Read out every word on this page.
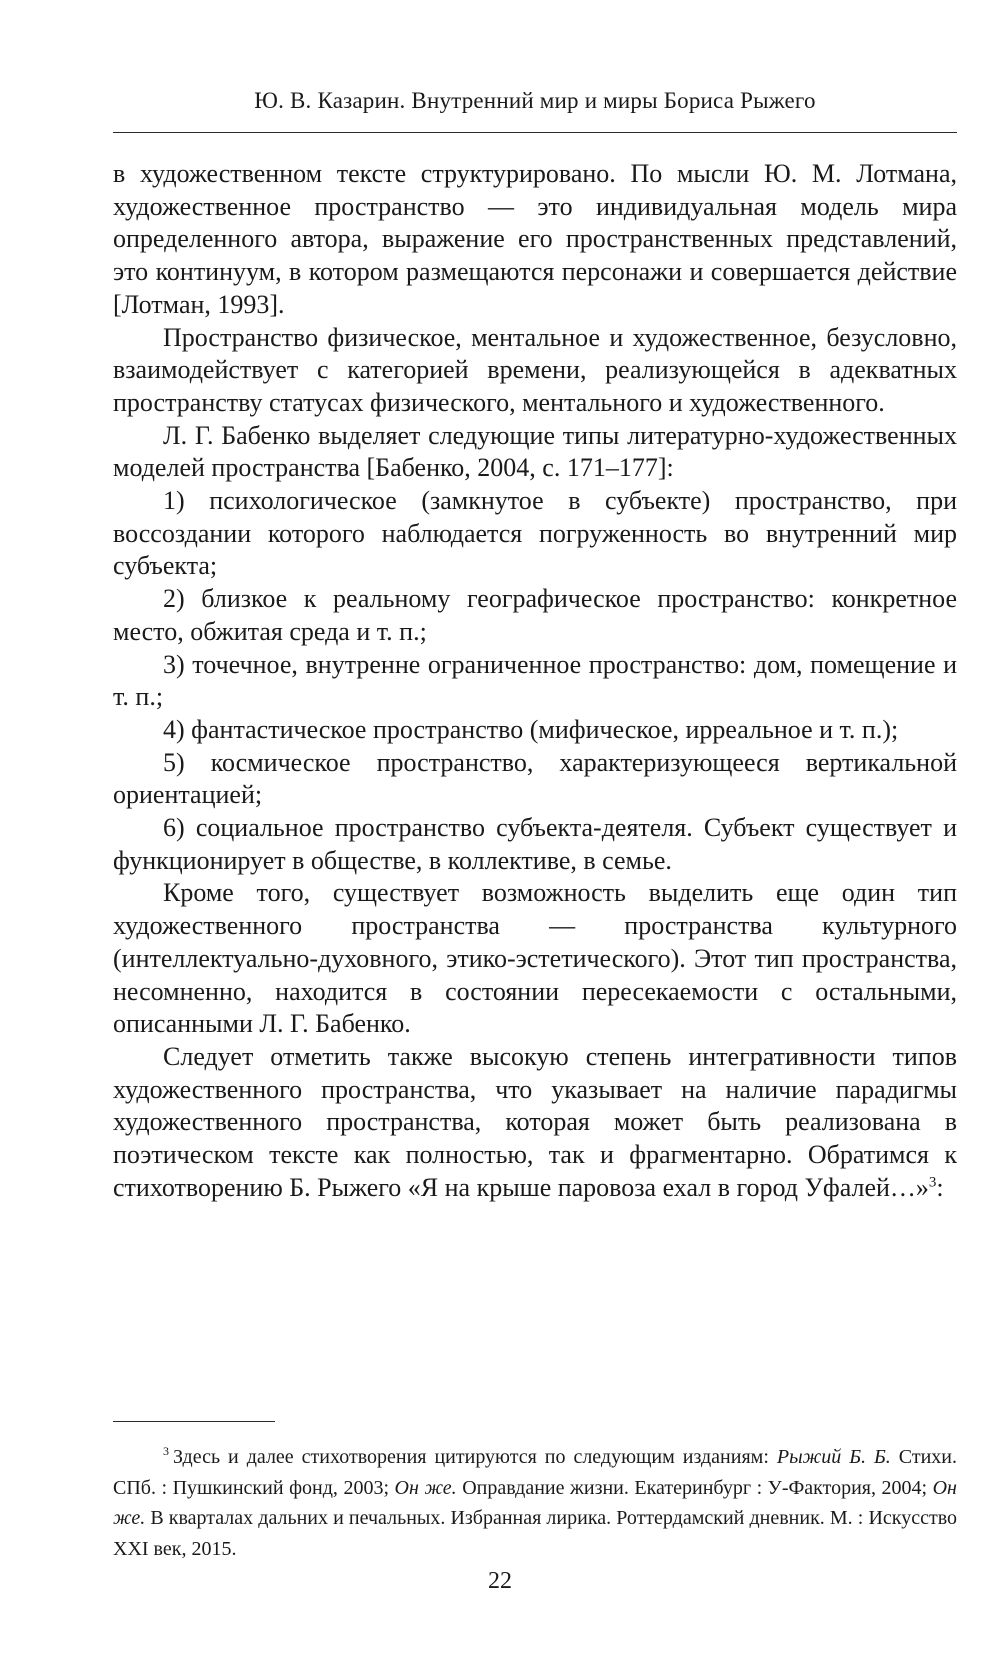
Ю. В. Казарин. Внутренний мир и миры Бориса Рыжего

в художественном тексте структурировано. По мысли Ю. М. Лотмана, художественное пространство — это индивидуальная модель мира определенного автора, выражение его пространственных представлений, это континуум, в котором размещаются персонажи и совершается действие [Лотман, 1993].

Пространство физическое, ментальное и художественное, безусловно, взаимодействует с категорией времени, реализующейся в адекватных пространству статусах физического, ментального и художественного.

Л. Г. Бабенко выделяет следующие типы литературно-художественных моделей пространства [Бабенко, 2004, с. 171–177]:

1) психологическое (замкнутое в субъекте) пространство, при воссоздании которого наблюдается погруженность во внутренний мир субъекта;

2) близкое к реальному географическое пространство: конкретное место, обжитая среда и т. п.;

3) точечное, внутренне ограниченное пространство: дом, помещение и т. п.;

4) фантастическое пространство (мифическое, ирреальное и т. п.);

5) космическое пространство, характеризующееся вертикальной ориентацией;

6) социальное пространство субъекта-деятеля. Субъект существует и функционирует в обществе, в коллективе, в семье.

Кроме того, существует возможность выделить еще один тип художественного пространства — пространства культурного (интеллектуально-духовного, этико-эстетического). Этот тип пространства, несомненно, находится в состоянии пересекаемости с остальными, описанными Л. Г. Бабенко.

Следует отметить также высокую степень интегративности типов художественного пространства, что указывает на наличие парадигмы художественного пространства, которая может быть реализована в поэтическом тексте как полностью, так и фрагментарно. Обратимся к стихотворению Б. Рыжего «Я на крыше паровоза ехал в город Уфалей…»$^3$:

$^3$ Здесь и далее стихотворения цитируются по следующим изданиям: Рыжий Б. Б. Стихи. СПб. : Пушкинский фонд, 2003; Он же. Оправдание жизни. Екатеринбург : У-Фактория, 2004; Он же. В кварталах дальних и печальных. Избранная лирика. Роттердамский дневник. М. : Искусство XXI век, 2015.
22
